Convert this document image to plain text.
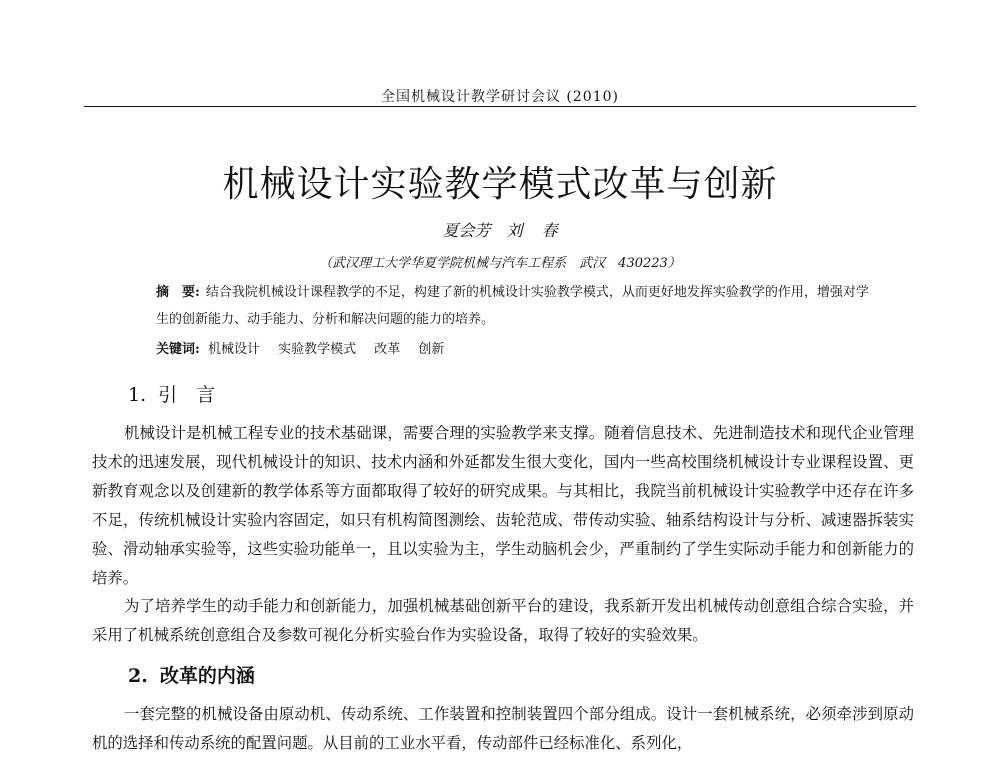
全国机械设计教学研讨会议 (2010)
机械设计实验教学模式改革与创新
夏会芳　刘 春
（武汉理工大学华夏学院机械与汽车工程系　武汉　430223）
摘　要: 结合我院机械设计课程教学的不足，构建了新的机械设计实验教学模式，从而更好地发挥实验教学的作用，增强对学生的创新能力、动手能力、分析和解决问题的能力的培养。
关键词: 机械设计 实验教学模式 改革 创新
1. 引　言
机械设计是机械工程专业的技术基础课，需要合理的实验教学来支撑。随着信息技术、先进制造技术和现代企业管理技术的迅速发展，现代机械设计的知识、技术内涵和外延都发生很大变化，国内一些高校围绕机械设计专业课程设置、更新教育观念以及创建新的教学体系等方面都取得了较好的研究成果。与其相比，我院当前机械设计实验教学中还存在许多不足，传统机械设计实验内容固定，如只有机构简图测绘、齿轮范成、带传动实验、轴系结构设计与分析、减速器拆装实验、滑动轴承实验等，这些实验功能单一，且以实验为主，学生动脑机会少，严重制约了学生实际动手能力和创新能力的培养。
为了培养学生的动手能力和创新能力，加强机械基础创新平台的建设，我系新开发出机械传动创意组合综合实验，并采用了机械系统创意组合及参数可视化分析实验台作为实验设备，取得了较好的实验效果。
2. 改革的内涵
一套完整的机械设备由原动机、传动系统、工作装置和控制装置四个部分组成。设计一套机械系统，必须牵涉到原动机的选择和传动系统的配置问题。从目前的工业水平看，传动部件已经标准化、系列化，
